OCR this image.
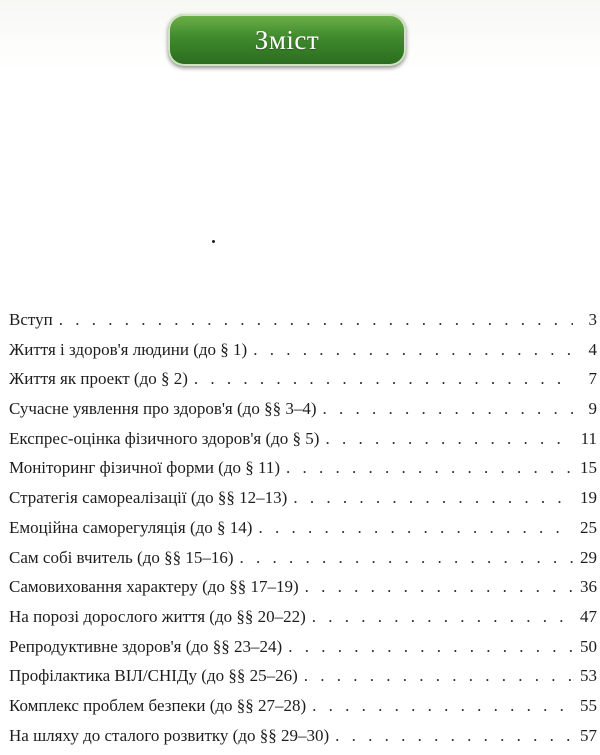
Зміст
Вступ . . .	3
Життя і здоров'я людини (до § 1) . . .	4
Життя як проект (до § 2) . . .	7
Сучасне уявлення про здоров'я (до §§ 3–4) . . .	9
Експрес-оцінка фізичного здоров'я (до § 5) . . .	11
Моніторинг фізичної форми (до § 11) . . .	15
Стратегія самореалізації (до §§ 12–13) . . .	19
Емоційна саморегуляція (до § 14) . . .	25
Сам собі вчитель (до §§ 15–16) . . .	29
Самовиховання характеру (до §§ 17–19) . . .	36
На порозі дорослого життя (до §§ 20–22) . . .	47
Репродуктивне здоров'я (до §§ 23–24) . . .	50
Профілактика ВІЛ/СНІДу (до §§ 25–26) . . .	53
Комплекс проблем безпеки (до §§ 27–28) . . .	55
На шляху до сталого розвитку (до §§ 29–30) . . .	57
